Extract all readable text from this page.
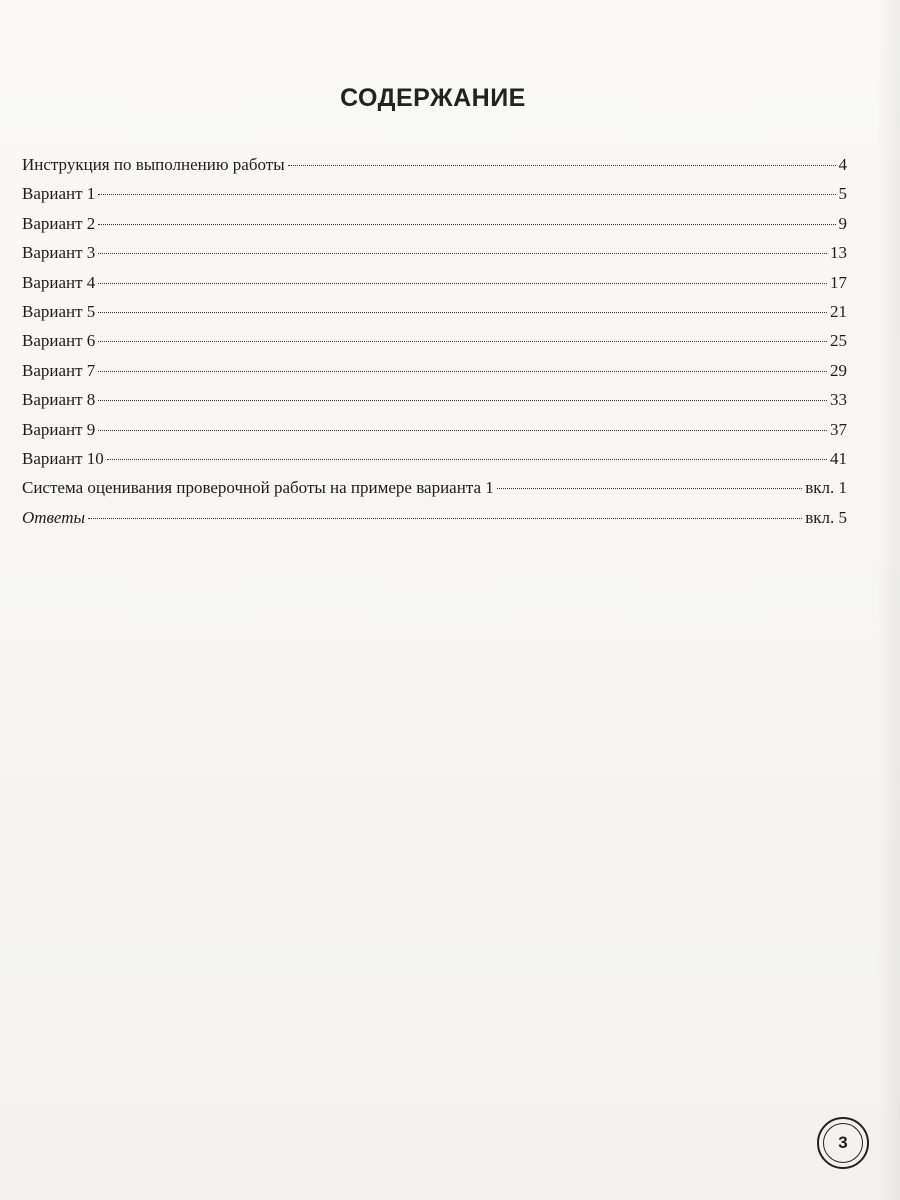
СОДЕРЖАНИЕ
Инструкция по выполнению работы	4
Вариант 1	5
Вариант 2	9
Вариант 3	13
Вариант 4	17
Вариант 5	21
Вариант 6	25
Вариант 7	29
Вариант 8	33
Вариант 9	37
Вариант 10	41
Система оценивания проверочной работы на примере варианта 1	вкл. 1
Ответы	вкл. 5
3
